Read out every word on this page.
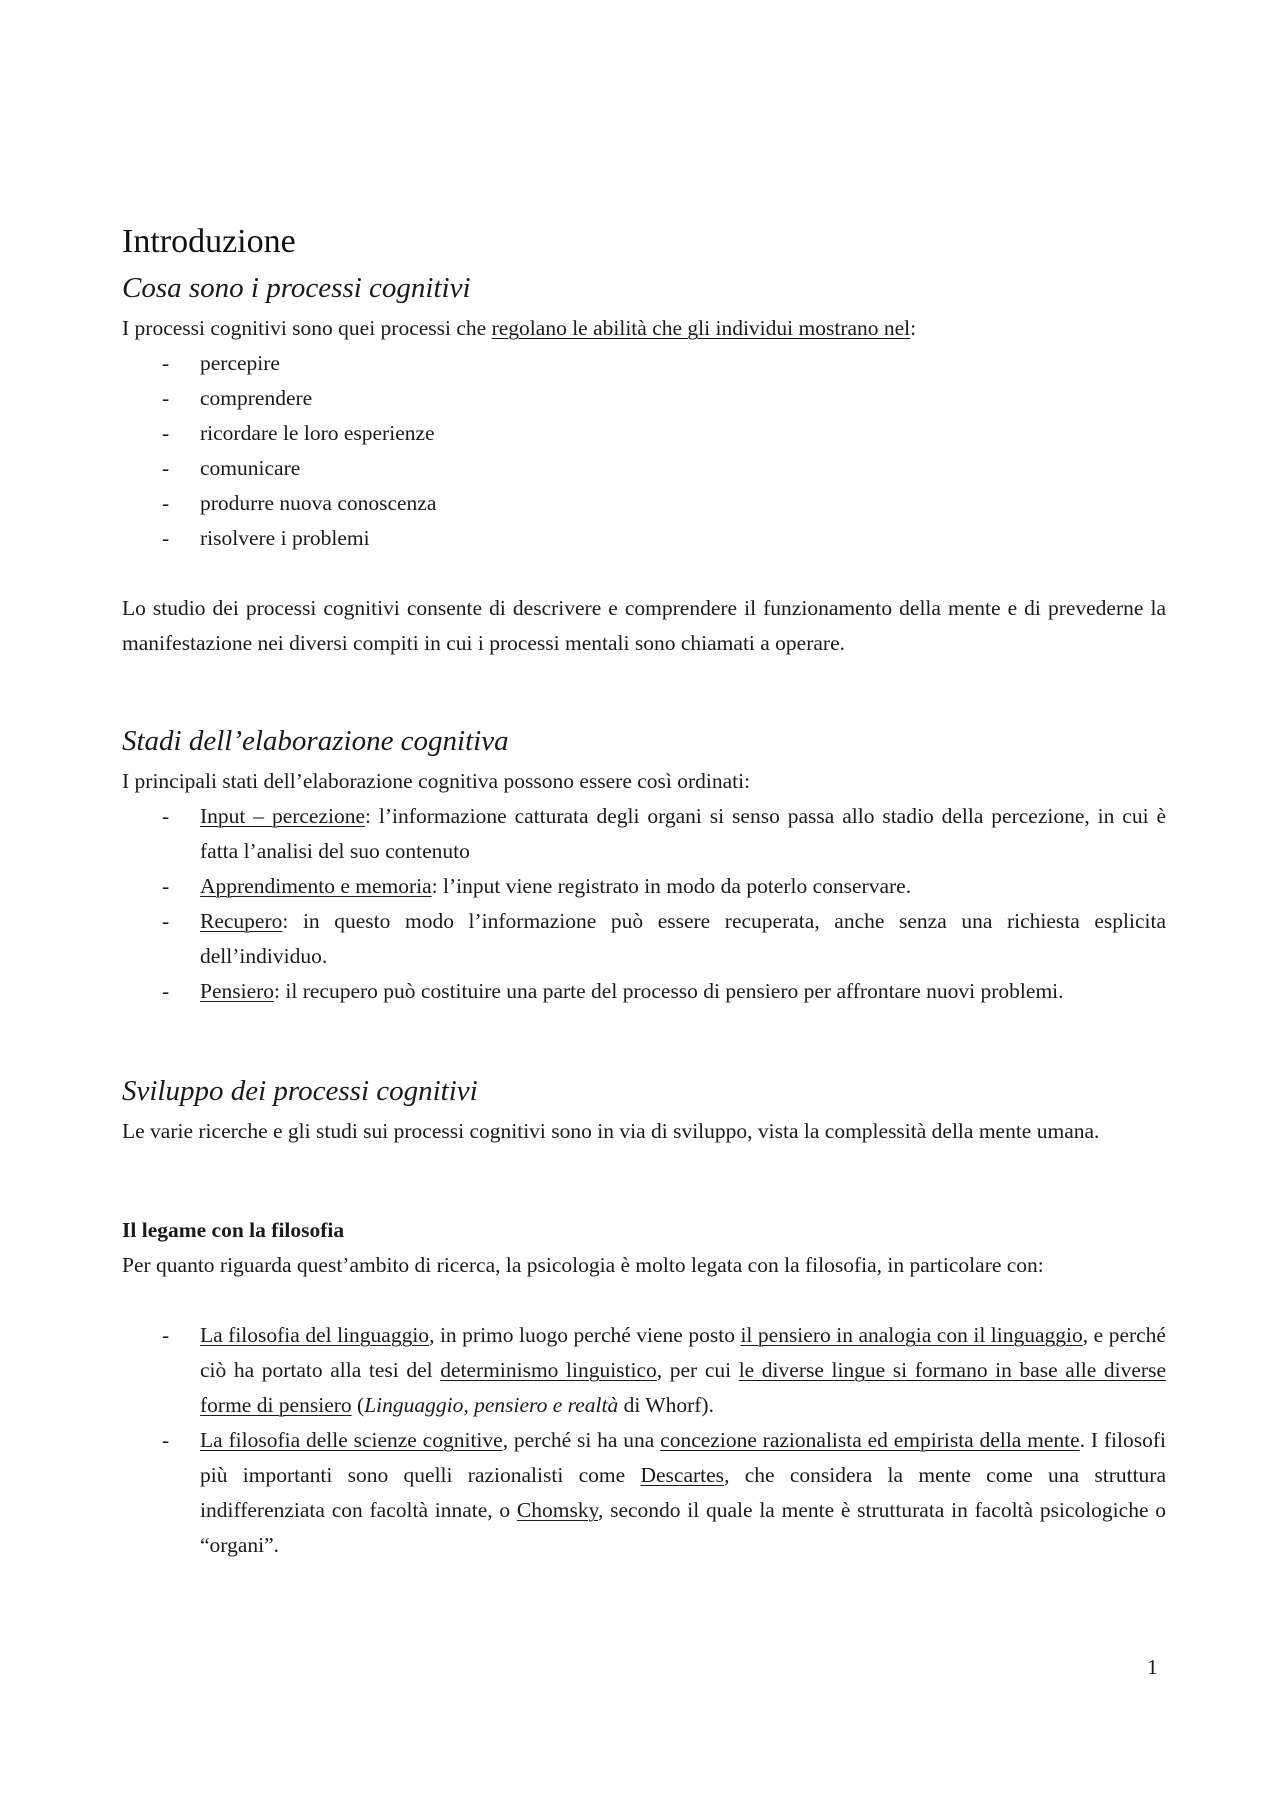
Introduzione
Cosa sono i processi cognitivi
I processi cognitivi sono quei processi che regolano le abilità che gli individui mostrano nel:
- percepire
- comprendere
- ricordare le loro esperienze
- comunicare
- produrre nuova conoscenza
- risolvere i problemi
Lo studio dei processi cognitivi consente di descrivere e comprendere il funzionamento della mente e di prevederne la manifestazione nei diversi compiti in cui i processi mentali sono chiamati a operare.
Stadi dell’elaborazione cognitiva
I principali stati dell’elaborazione cognitiva possono essere così ordinati:
- Input – percezione: l’informazione catturata degli organi si senso passa allo stadio della percezione, in cui è fatta l’analisi del suo contenuto
- Apprendimento e memoria: l’input viene registrato in modo da poterlo conservare.
- Recupero: in questo modo l’informazione può essere recuperata, anche senza una richiesta esplicita dell’individuo.
- Pensiero: il recupero può costituire una parte del processo di pensiero per affrontare nuovi problemi.
Sviluppo dei processi cognitivi
Le varie ricerche e gli studi sui processi cognitivi sono in via di sviluppo, vista la complessità della mente umana.
Il legame con la filosofia
Per quanto riguarda quest’ambito di ricerca, la psicologia è molto legata con la filosofia, in particolare con:
- La filosofia del linguaggio, in primo luogo perché viene posto il pensiero in analogia con il linguaggio, e perché ciò ha portato alla tesi del determinismo linguistico, per cui le diverse lingue si formano in base alle diverse forme di pensiero (Linguaggio, pensiero e realtà di Whorf).
- La filosofia delle scienze cognitive, perché si ha una concezione razionalista ed empirista della mente. I filosofi più importanti sono quelli razionalisti come Descartes, che considera la mente come una struttura indifferenziata con facoltà innate, o Chomsky, secondo il quale la mente è strutturata in facoltà psicologiche o “organi”.
1
